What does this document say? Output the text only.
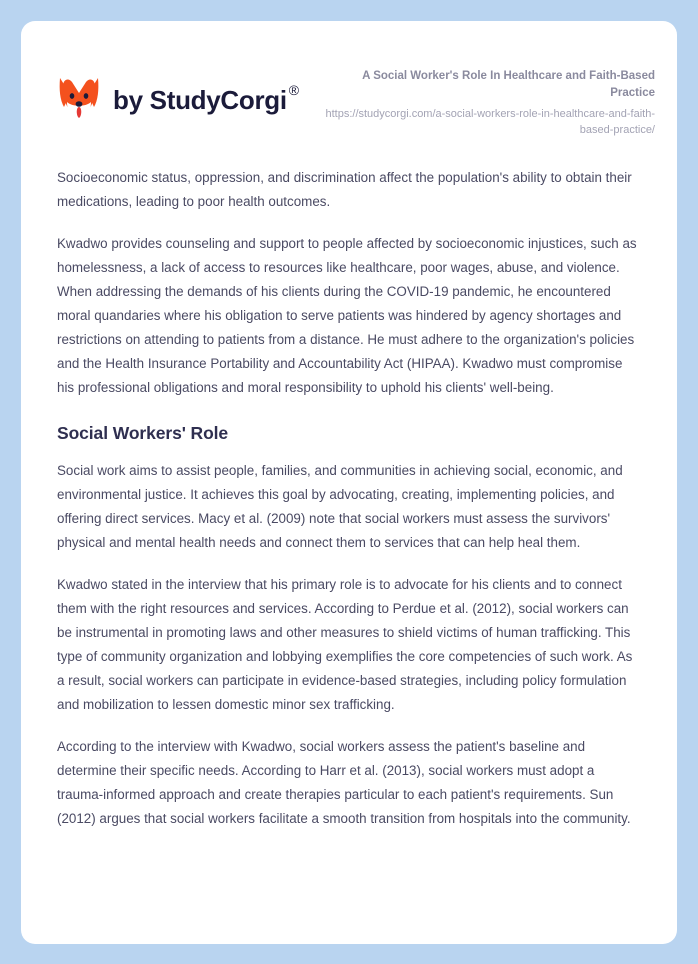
by StudyCorgi ®

A Social Worker's Role In Healthcare and Faith-Based Practice

https://studycorgi.com/a-social-workers-role-in-healthcare-and-faith-based-practice/

Socioeconomic status, oppression, and discrimination affect the population's ability to obtain their medications, leading to poor health outcomes.

Kwadwo provides counseling and support to people affected by socioeconomic injustices, such as homelessness, a lack of access to resources like healthcare, poor wages, abuse, and violence. When addressing the demands of his clients during the COVID-19 pandemic, he encountered moral quandaries where his obligation to serve patients was hindered by agency shortages and restrictions on attending to patients from a distance. He must adhere to the organization's policies and the Health Insurance Portability and Accountability Act (HIPAA). Kwadwo must compromise his professional obligations and moral responsibility to uphold his clients' well-being.

Social Workers' Role

Social work aims to assist people, families, and communities in achieving social, economic, and environmental justice. It achieves this goal by advocating, creating, implementing policies, and offering direct services. Macy et al. (2009) note that social workers must assess the survivors' physical and mental health needs and connect them to services that can help heal them.

Kwadwo stated in the interview that his primary role is to advocate for his clients and to connect them with the right resources and services. According to Perdue et al. (2012), social workers can be instrumental in promoting laws and other measures to shield victims of human trafficking. This type of community organization and lobbying exemplifies the core competencies of such work. As a result, social workers can participate in evidence-based strategies, including policy formulation and mobilization to lessen domestic minor sex trafficking.

According to the interview with Kwadwo, social workers assess the patient's baseline and determine their specific needs. According to Harr et al. (2013), social workers must adopt a trauma-informed approach and create therapies particular to each patient's requirements. Sun (2012) argues that social workers facilitate a smooth transition from hospitals into the community.
